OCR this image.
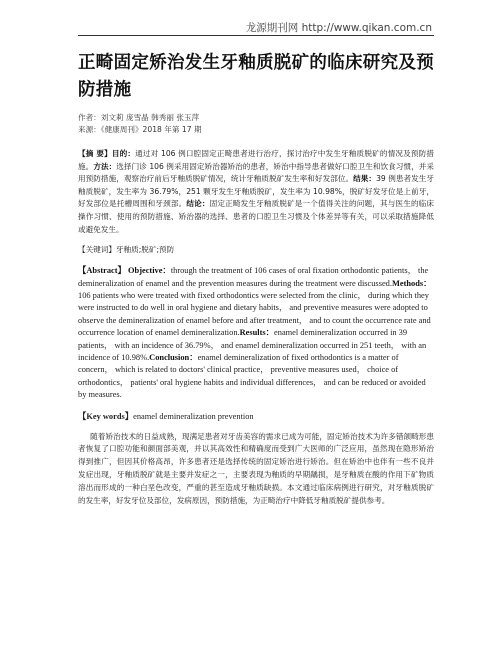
龙源期刊网 http://www.qikan.com.cn
正畸固定矫治发生牙釉质脱矿的临床研究及预防措施
作者：刘文莉 庞雪晶 韩秀丽 张玉萍
来源：《健康周刊》2018 年第 17 期
【摘 要】目的：通过对 106 例口腔固定正畸患者进行治疗，探讨治疗中发生牙釉质脱矿的情况及预防措施。方法：选择门诊 106 例采用固定矫治器矫治的患者，矫治中指导患者做好口腔卫生和饮食习惯，并采用预防措施，观察治疗前后牙釉质脱矿情况，统计牙釉质脱矿发生率和好发部位。结果：39 例患者发生牙釉质脱矿，发生率为 36.79%，251 颗牙发生牙釉质脱矿，发生率为 10.98%，脱矿好发牙位是上前牙，好发部位是托槽周围和牙颈部。结论：固定正畸发生牙釉质脱矿是一个值得关注的问题，其与医生的临床操作习惯、使用的预防措施、矫治器的选择、患者的口腔卫生习惯及个体差异等有关，可以采取措施降低或避免发生。
【关键词】牙釉质;脱矿;预防
【Abstract】 Objective：through the treatment of 106 cases of oral fixation orthodontic patients， the demineralization of enamel and the prevention measures during the treatment were discussed.Methods：106 patients who were treated with fixed orthodontics were selected from the clinic， during which they were instructed to do well in oral hygiene and dietary habits， and preventive measures were adopted to observe the demineralization of enamel before and after treatment， and to count the occurrence rate and occurrence location of enamel demineralization.Results：enamel demineralization occurred in 39 patients， with an incidence of 36.79%， and enamel demineralization occurred in 251 teeth， with an incidence of 10.98%.Conclusion：enamel demineralization of fixed orthodontics is a matter of concern， which is related to doctors' clinical practice， preventive measures used， choice of orthodontics， patients' oral hygiene habits and individual differences， and can be reduced or avoided by measures.
【Key words】enamel demineralization prevention

随着矫治技术的日益成熟，现满足患者对牙齿美容的需求已成为可能，固定矫治技术为许多错颌畸形患者恢复了口腔功能和颜面部美观，并以其高效性和精确度而受到广大医师的广泛应用，虽然现在隐形矫治得到推广，但因其价格高昂，许多患者还是选择传统的固定矫治进行矫治。但在矫治中也伴有一些不良并发症出现，牙釉质脱矿就是主要并发症之一，主要表现为釉质的早期龋损，是牙釉质在酸的作用下矿物质溶出而形成的一种白垩色改变，严重的甚至造成牙釉质缺损。本文通过临床病例进行研究，对牙釉质脱矿的发生率，好发牙位及部位，发病原因，预防措施，为正畸治疗中降低牙釉质脱矿提供参考。
